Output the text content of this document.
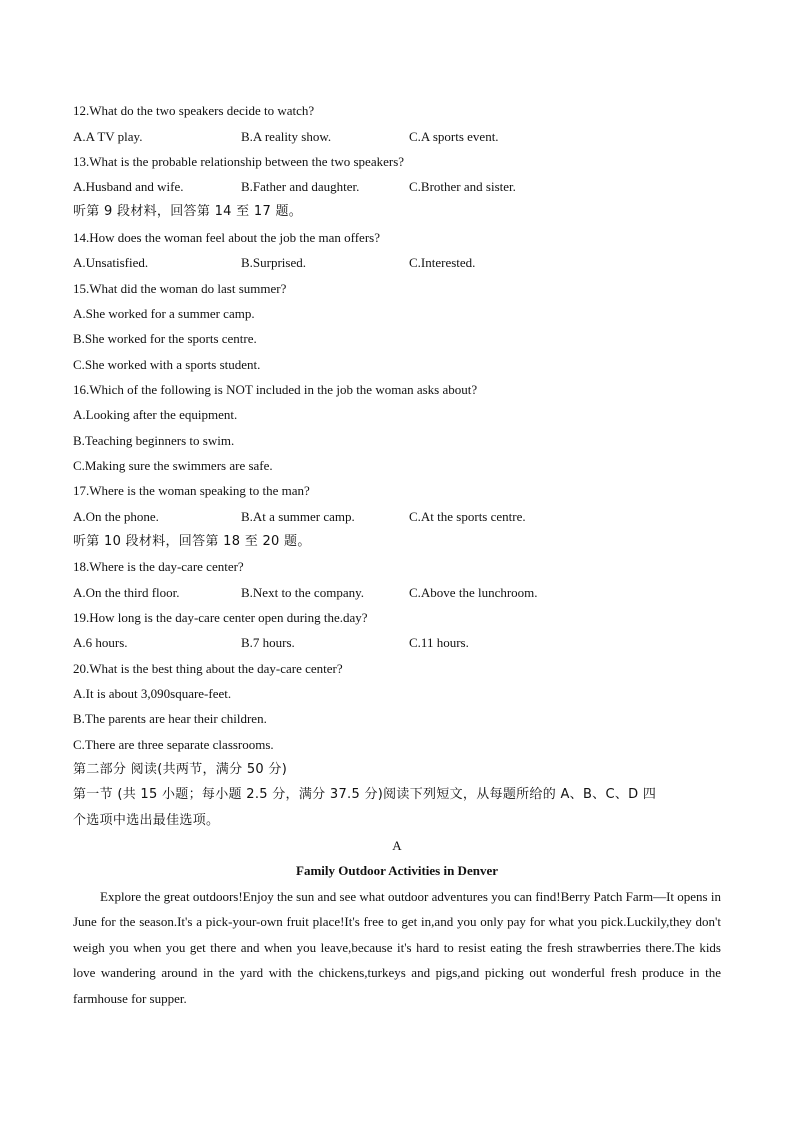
12.What do the two speakers decide to watch?
A.A TV play.	B.A reality show.	C.A sports event.
13.What is the probable relationship between the two speakers?
A.Husband and wife.	B.Father and daughter.	C.Brother and sister.
听第 9 段材料，回答第 14 至 17 题。
14.How does the woman feel about the job the man offers?
A.Unsatisfied.	B.Surprised.	C.Interested.
15.What did the woman do last summer?
A.She worked for a summer camp.
B.She worked for the sports centre.
C.She worked with a sports student.
16.Which of the following is NOT included in the job the woman asks about?
A.Looking after the equipment.
B.Teaching beginners to swim.
C.Making sure the swimmers are safe.
17.Where is the woman speaking to the man?
A.On the phone.	B.At a summer camp.	C.At the sports centre.
听第 10 段材料，回答第 18 至 20 题。
18.Where is the day-care center?
A.On the third floor.	B.Next to the company.	C.Above the lunchroom.
19.How long is the day-care center open during the.day?
A.6 hours.	B.7 hours.	C.11 hours.
20.What is the best thing about the day-care center?
A.It is about 3,090square-feet.
B.The parents are hear their children.
C.There are three separate classrooms.
第二部分 阅读(共两节，满分 50 分)
第一节 (共 15 小题；每小题 2.5 分，满分 37.5 分)阅读下列短文，从每题所给的 A、B、C、D 四
个选项中选出最佳选项。
A
Family Outdoor Activities in Denver
Explore the great outdoors!Enjoy the sun and see what outdoor adventures you can find!Berry Patch Farm—It opens in June for the season.It's a pick-your-own fruit place!It's free to get in,and you only pay for what you pick.Luckily,they don't weigh you when you get there and when you leave,because it's hard to resist eating the fresh strawberries there.The kids love wandering around in the yard with the chickens,turkeys and pigs,and picking out wonderful fresh produce in the farmhouse for supper.
